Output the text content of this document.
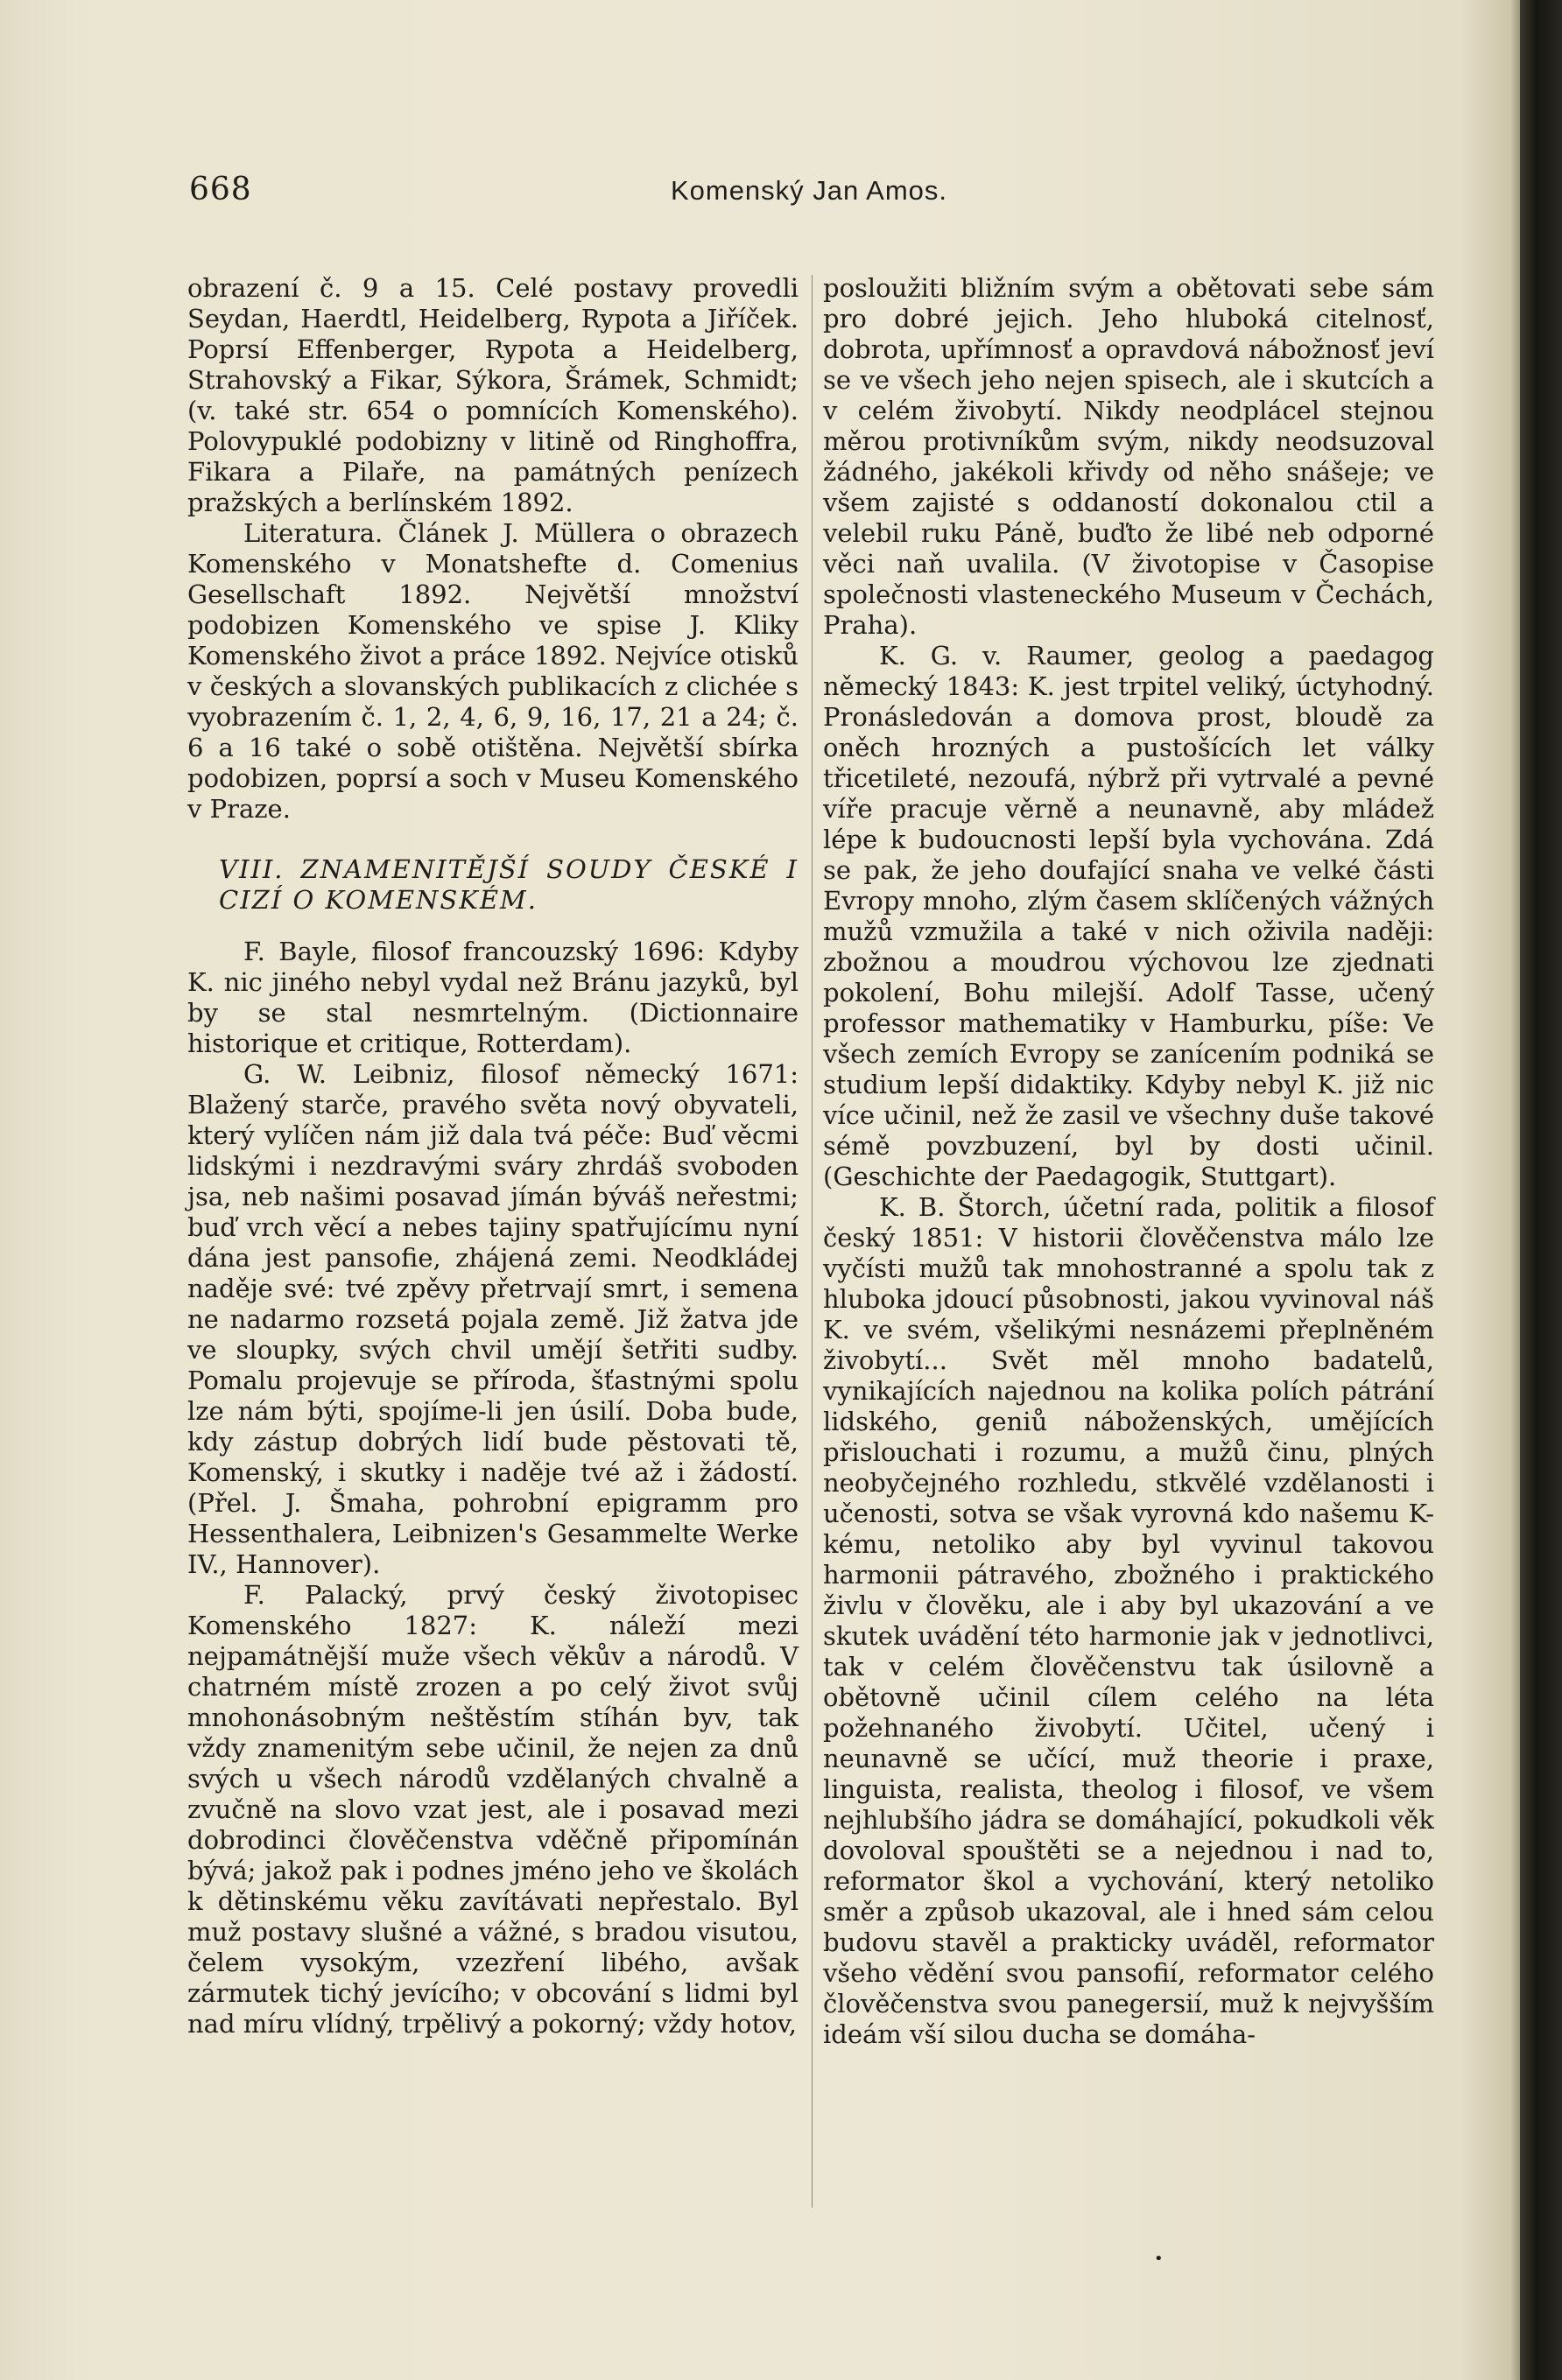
668	Komenský Jan Amos.

obrazení č. 9 a 15. Celé postavy provedli Seydan, Haerdtl, Heidelberg, Rypota a Jiříček. Poprsí Effenberger, Rypota a Heidelberg, Strahovský a Fikar, Sýkora, Šrámek, Schmidt; (v. také str. 654 o pomnících Komenského). Polovypuklé podobizny v litině od Ringhoffra, Fikara a Pilaře, na památných penízech pražských a berlínském 1892.

Literatura. Článek J. Müllera o obrazech Komenského v Monatshefte d. Comenius Gesellschaft 1892. Největší množství podobizen Komenského ve spise J. Kliky Komenského život a práce 1892. Nejvíce otisků v českých a slovanských publikacích z clichée s vyobrazením č. 1, 2, 4, 6, 9, 16, 17, 21 a 24; č. 6 a 16 také o sobě otištěna. Největší sbírka podobizen, poprsí a soch v Museu Komenského v Praze.

VIII. ZNAMENITĚJŠÍ SOUDY ČESKÉ I CIZÍ O KOMENSKÉM.

F. Bayle, filosof francouzský 1696: Kdyby K. nic jiného nebyl vydal než Bránu jazyků, byl by se stal nesmrtelným. (Dictionnaire historique et critique, Rotterdam).

G. W. Leibniz, filosof německý 1671: Blažený starče, pravého světa nový obyvateli, který vylíčen nám již dala tvá péče: Buď věcmi lidskými i nezdravými sváry zhrdáš svoboden jsa, neb našimi posavad jímán býváš neřestmi; buď vrch věcí a nebes tajiny spatřujícímu nyní dána jest pansofie, zhájená zemi. Neodkládej naděje své: tvé zpěvy přetrvají smrt, i semena ne nadarmo rozsetá pojala země. Již žatva jde ve sloupky, svých chvil umějí šetřiti sudby. Pomalu projevuje se příroda, šťastnými spolu lze nám býti, spojíme-li jen úsilí. Doba bude, kdy zástup dobrých lidí bude pěstovati tě, Komenský, i skutky i naděje tvé až i žádostí. (Přel. J. Šmaha, pohrobní epigramm pro Hessenthalera, Leibnizen's Gesammelte Werke IV., Hannover).

F. Palacký, prvý český životopisec Komenského 1827: K. náleží mezi nejpamátnější muže všech věkův a národů. V chatrném místě zrozen a po celý život svůj mnohonásobným neštěstím stíhán byv, tak vždy znamenitým sebe učinil, že nejen za dnů svých u všech národů vzdělaných chvalně a zvučně na slovo vzat jest, ale i posavad mezi dobrodinci člověčenstva vděčně připomínán bývá; jakož pak i podnes jméno jeho ve školách k dětinskému věku zavítávati nepřestalo. Byl muž postavy slušné a vážné, s bradou visutou, čelem vysokým, vzezření libého, avšak zármutek tichý jevícího; v obcování s lidmi byl nad míru vlídný, trpělivý a pokorný; vždy hotov,

posloužiti bližním svým a obětovati sebe sám pro dobré jejich. Jeho hluboká citelnosť, dobrota, upřímnosť a opravdová nábožnosť jeví se ve všech jeho nejen spisech, ale i skutcích a v celém živobytí. Nikdy neodplácel stejnou měrou protivníkům svým, nikdy neodsuzoval žádného, jakékoli křivdy od něho snášeje; ve všem zajisté s oddaností dokonalou ctil a velebil ruku Páně, buďto že libé neb odporné věci naň uvalila. (V životopise v Časopise společnosti vlasteneckého Museum v Čechách, Praha).

K. G. v. Raumer, geolog a paedagog německý 1843: K. jest trpitel veliký, úctyhodný. Pronásledován a domova prost, bloudě za oněch hrozných a pustošících let války třicetileté, nezoufá, nýbrž při vytrvalé a pevné víře pracuje věrně a neunavně, aby mládež lépe k budoucnosti lepší byla vychována. Zdá se pak, že jeho doufající snaha ve velké části Evropy mnoho, zlým časem sklíčených vážných mužů vzmužila a také v nich oživila naději: zbožnou a moudrou výchovou lze zjednati pokolení, Bohu milejší. Adolf Tasse, učený professor mathematiky v Hamburku, píše: Ve všech zemích Evropy se zanícením podniká se studium lepší didaktiky. Kdyby nebyl K. již nic více učinil, než že zasil ve všechny duše takové sémě povzbuzení, byl by dosti učinil. (Geschichte der Paedagogik, Stuttgart).

K. B. Štorch, účetní rada, politik a filosof český 1851: V historii člověčenstva málo lze vyčísti mužů tak mnohostranné a spolu tak z hluboka jdoucí působnosti, jakou vyvinoval náš K. ve svém, všelikými nesnázemi přeplněném živobytí... Svět měl mnoho badatelů, vynikajících najednou na kolika polích pátrání lidského, geniů nábožensk​ých, umějících přislouchati i rozumu, a mužů činu, plných neobyčejného rozhledu, stkvělé vzdělanosti i učenosti, sotva se však vyrovná kdo našemu K-kému, netoliko aby byl vyvinul takovou harmonii pátravého, zbožného i praktického živlu v člověku, ale i aby byl ukazování a ve skutek uvádění této harmonie jak v jednotlivci, tak v celém člověčenstvu tak úsilovně a obětovně učinil cílem celého na léta požehnaného živobytí. Učitel, učený i neunavně se učící, muž theorie i praxe, linguista, realista, theolog i filosof, ve všem nejhlubšího jádra se domáhající, pokudkoli věk dovoloval spouštěti se a nejednou i nad to, reformator škol a vychování, který netoliko směr a způsob ukazoval, ale i hned sám celou budovu stavěl a prakticky uváděl, reformator všeho vědění svou pansofií, reformator celého člověčenstva svou panegersií, muž k nejvyšším ideám vší silou ducha se domáha-

•
